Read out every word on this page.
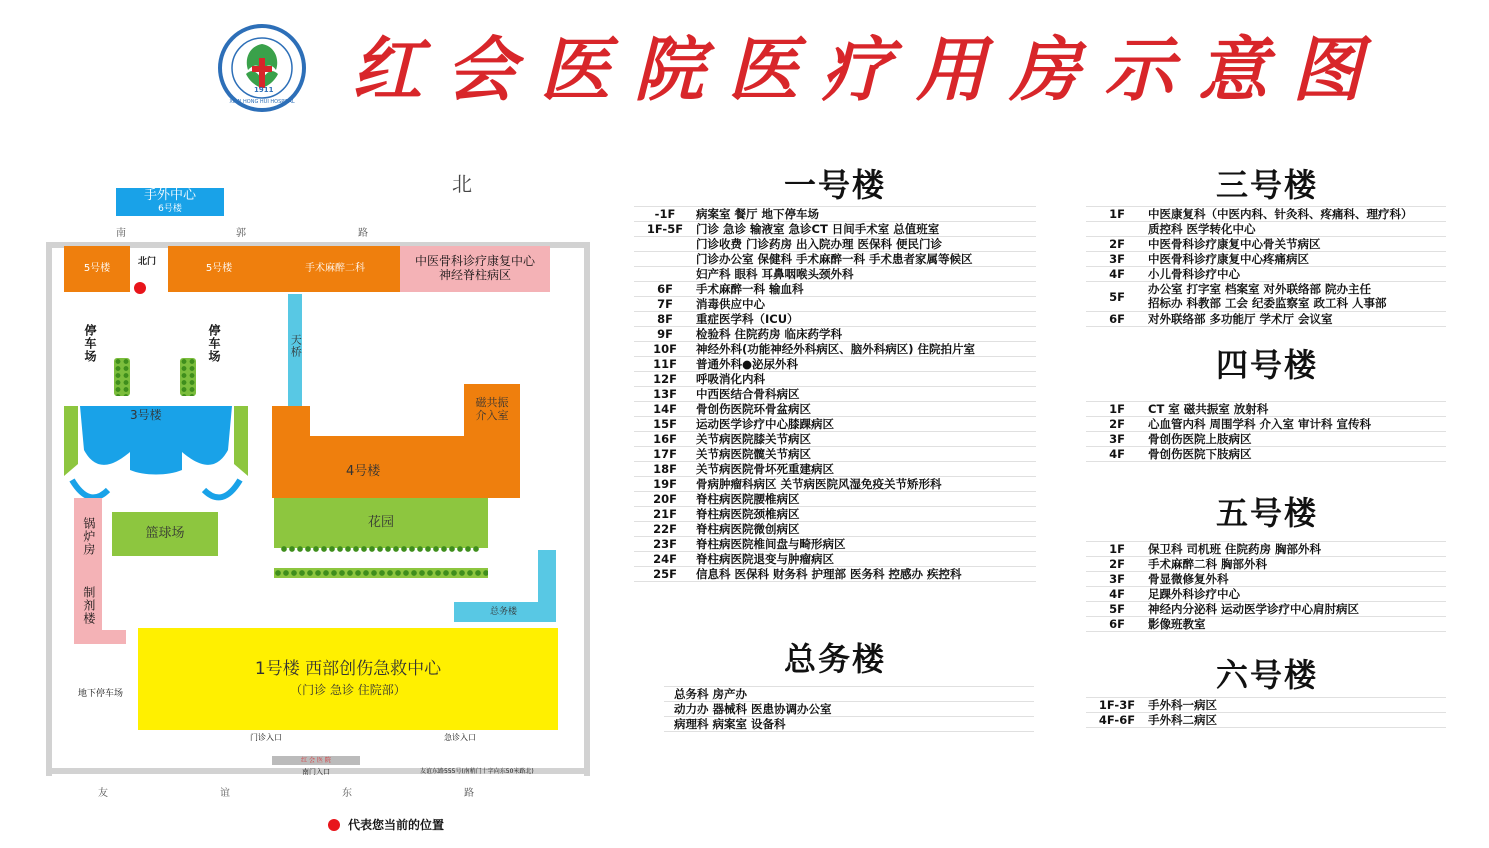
1911
XIAN HONG HUI HOSPITAL 红会医院医疗用房示意图
北
手外中心
6号楼
南	郭	路
5号楼
北门
5号楼	手术麻醉二科
中医骨科诊疗康复中心
神经脊柱病区
停车场	停车场	天桥
3号楼
磁共振
介入室
4号楼
花园
锅炉房
制剂楼
篮球场
总务楼
1号楼 西部创伤急救中心
（门诊 急诊 住院部）
地下停车场
门诊入口	急诊入口
红 会 医 院
南门入口	友谊东路555号(南稍门十字向东50米路北)
友	谊	东	路
代表您当前的位置
一号楼
-1F	病案室 餐厅 地下停车场
1F-5F	门诊 急诊 输液室 急诊CT 日间手术室 总值班室
门诊收费 门诊药房 出入院办理 医保科 便民门诊
门诊办公室 保健科 手术麻醉一科 手术患者家属等候区
妇产科 眼科 耳鼻咽喉头颈外科
6F	手术麻醉一科 输血科
7F	消毒供应中心
8F	重症医学科（ICU）
9F	检验科 住院药房 临床药学科
10F	神经外科(功能神经外科病区、脑外科病区) 住院拍片室
11F	普通外科●泌尿外科
12F	呼吸消化内科
13F	中西医结合骨科病区
14F	骨创伤医院环骨盆病区
15F	运动医学诊疗中心膝踝病区
16F	关节病医院膝关节病区
17F	关节病医院髋关节病区
18F	关节病医院骨坏死重建病区
19F	骨病肿瘤科病区 关节病医院风湿免疫关节矫形科
20F	脊柱病医院腰椎病区
21F	脊柱病医院颈椎病区
22F	脊柱病医院微创病区
23F	脊柱病医院椎间盘与畸形病区
24F	脊柱病医院退变与肿瘤病区
25F	信息科 医保科 财务科 护理部 医务科 控感办 疾控科
总务楼
总务科 房产办
动力办 器械科 医患协调办公室
病理科 病案室 设备科
三号楼
1F	中医康复科（中医内科、针灸科、疼痛科、理疗科）
质控科 医学转化中心
2F	中医骨科诊疗康复中心骨关节病区
3F	中医骨科诊疗康复中心疼痛病区
4F	小儿骨科诊疗中心
5F
办公室 打字室 档案室 对外联络部 院办主任
招标办 科教部 工会 纪委监察室 政工科 人事部
6F	对外联络部 多功能厅 学术厅 会议室
四号楼
1F	CT 室 磁共振室 放射科
2F	心血管内科 周围学科 介入室 审计科 宣传科
3F	骨创伤医院上肢病区
4F	骨创伤医院下肢病区
五号楼
1F	保卫科 司机班 住院药房 胸部外科
2F	手术麻醉二科 胸部外科
3F	骨显微修复外科
4F	足踝外科诊疗中心
5F	神经内分泌科 运动医学诊疗中心肩肘病区
6F	影像班教室
六号楼
1F-3F	手外科一病区
4F-6F	手外科二病区
